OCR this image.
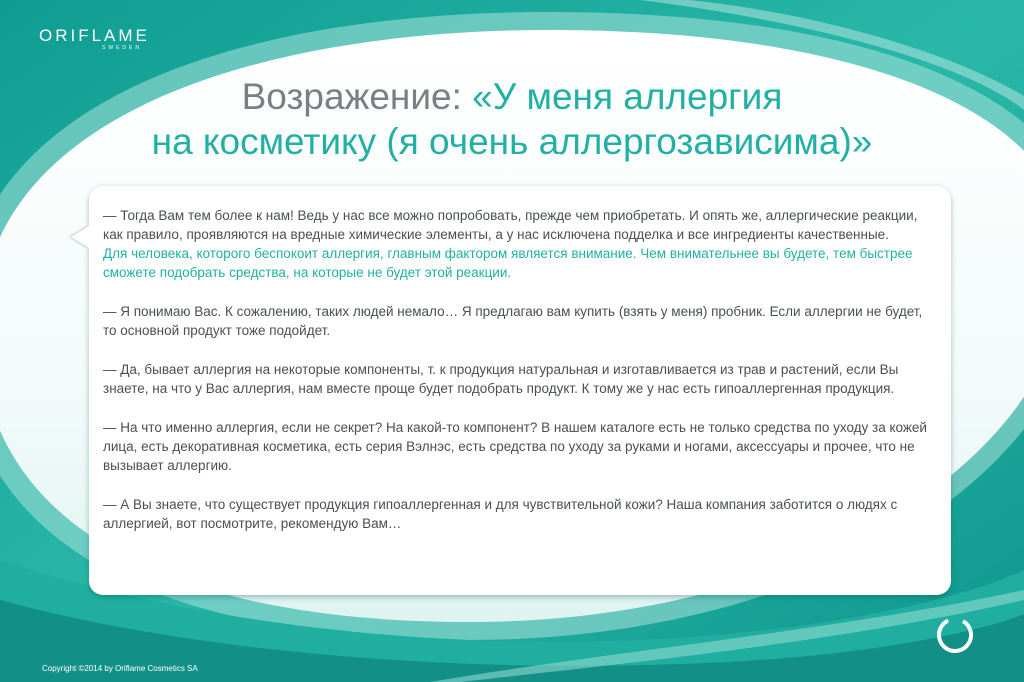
ORIFLAME
SWEDEN
Возражение: «У меня аллергия
на косметику (я очень аллергозависима)»

— Тогда Вам тем более к нам! Ведь у нас все можно попробовать, прежде чем приобретать. И опять же, аллергические реакции, как правило, проявляются на вредные химические элементы, а у нас исключена подделка и все ингредиенты качественные.

Для человека, которого беспокоит аллергия, главным фактором является внимание. Чем внимательнее вы будете, тем быстрее сможете подобрать средства, на которые не будет этой реакции.

— Я понимаю Вас. К сожалению, таких людей немало… Я предлагаю вам купить (взять у меня) пробник. Если аллергии не будет, то основной продукт тоже подойдет.

— Да, бывает аллергия на некоторые компоненты, т. к продукция натуральная и изготавливается из трав и растений, если Вы знаете, на что у Вас аллергия, нам вместе проще будет подобрать продукт. К тому же у нас есть гипоаллергенная продукция.

— На что именно аллергия, если не секрет? На какой-то компонент? В нашем каталоге есть не только средства по уходу за кожей лица, есть декоративная косметика, есть серия Вэлнэс, есть средства по уходу за руками и ногами, аксессуары и прочее, что не вызывает аллергию.

— А Вы знаете, что существует продукция гипоаллергенная и для чувствительной кожи? Наша компания заботится о людях с аллергией, вот посмотрите, рекомендую Вам…

Copyright ©2014 by Oriflame Cosmetics SA
